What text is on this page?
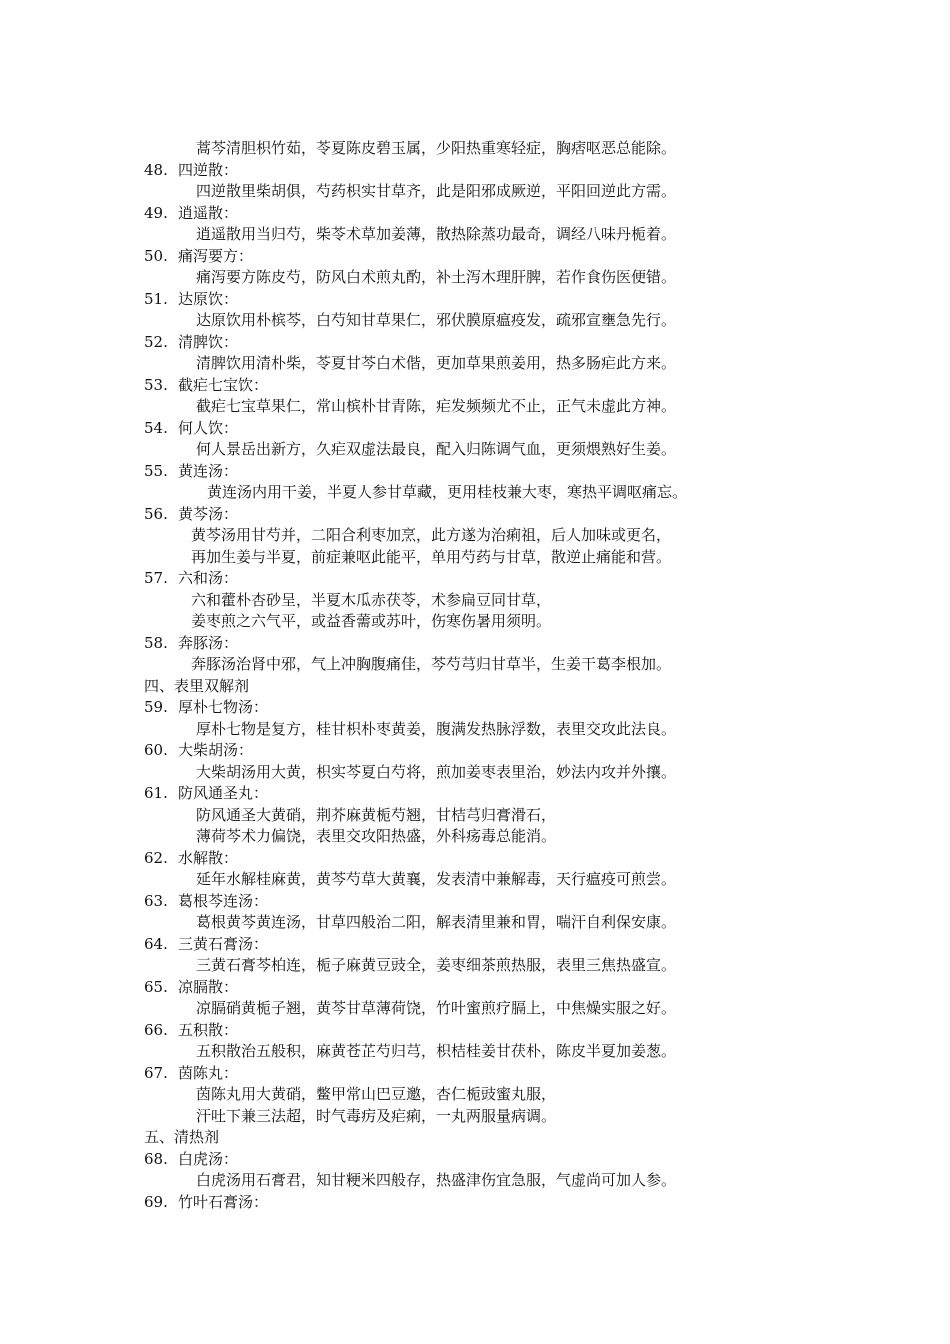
蒿芩清胆枳竹茹，苓夏陈皮碧玉属，少阳热重寒轻症，胸痞呕恶总能除。
48. 四逆散：
四逆散里柴胡俱，芍药枳实甘草齐，此是阳邪成厥逆，平阳回逆此方需。
49. 逍遥散：
逍遥散用当归芍，柴苓术草加姜薄，散热除蒸功最奇，调经八味丹栀着。
50. 痛泻要方：
痛泻要方陈皮芍，防风白术煎丸酌，补土泻木理肝脾，若作食伤医便错。
51. 达原饮：
达原饮用朴槟芩，白芍知甘草果仁，邪伏膜原瘟疫发，疏邪宣壅急先行。
52. 清脾饮：
清脾饮用清朴柴，苓夏甘芩白术偕，更加草果煎姜用，热多肠疟此方来。
53. 截疟七宝饮：
截疟七宝草果仁，常山槟朴甘青陈，疟发频频尤不止，正气未虚此方神。
54. 何人饮：
何人景岳出新方，久疟双虚法最良，配入归陈调气血，更须煨熟好生姜。
55. 黄连汤：
黄连汤内用干姜，半夏人参甘草藏，更用桂枝兼大枣，寒热平调呕痛忘。
56. 黄芩汤：
黄芩汤用甘芍并，二阳合利枣加烹，此方遂为治痢祖，后人加味或更名，
再加生姜与半夏，前症兼呕此能平，单用芍药与甘草，散逆止痛能和营。
57. 六和汤：
六和藿朴杏砂呈，半夏木瓜赤茯苓，术参扁豆同甘草，
姜枣煎之六气平，或益香薷或苏叶，伤寒伤暑用须明。
58. 奔豚汤：
奔豚汤治肾中邪，气上冲胸腹痛佳，芩芍芎归甘草半，生姜干葛李根加。
四、表里双解剂
59. 厚朴七物汤：
厚朴七物是复方，桂甘枳朴枣黄姜，腹满发热脉浮数，表里交攻此法良。
60. 大柴胡汤：
大柴胡汤用大黄，枳实芩夏白芍将，煎加姜枣表里治，妙法内攻并外攘。
61. 防风通圣丸：
防风通圣大黄硝，荆芥麻黄栀芍翘，甘桔芎归膏滑石，
薄荷芩术力偏饶，表里交攻阳热盛，外科疡毒总能消。
62. 水解散：
延年水解桂麻黄，黄芩芍草大黄襄，发表清中兼解毒，天行瘟疫可煎尝。
63. 葛根芩连汤：
葛根黄芩黄连汤，甘草四般治二阳，解表清里兼和胃，喘汗自利保安康。
64. 三黄石膏汤：
三黄石膏芩柏连，栀子麻黄豆豉全，姜枣细茶煎热服，表里三焦热盛宣。
65. 凉膈散：
凉膈硝黄栀子翘，黄芩甘草薄荷饶，竹叶蜜煎疗膈上，中焦燥实服之好。
66. 五积散：
五积散治五般积，麻黄苍芷芍归芎，枳桔桂姜甘茯朴，陈皮半夏加姜葱。
67. 茵陈丸：
茵陈丸用大黄硝，鳖甲常山巴豆邀，杏仁栀豉蜜丸服，
汗吐下兼三法超，时气毒疠及疟痢，一丸两服量病调。
五、清热剂
68. 白虎汤：
白虎汤用石膏君，知甘粳米四般存，热盛津伤宜急服，气虚尚可加人参。
69. 竹叶石膏汤：
